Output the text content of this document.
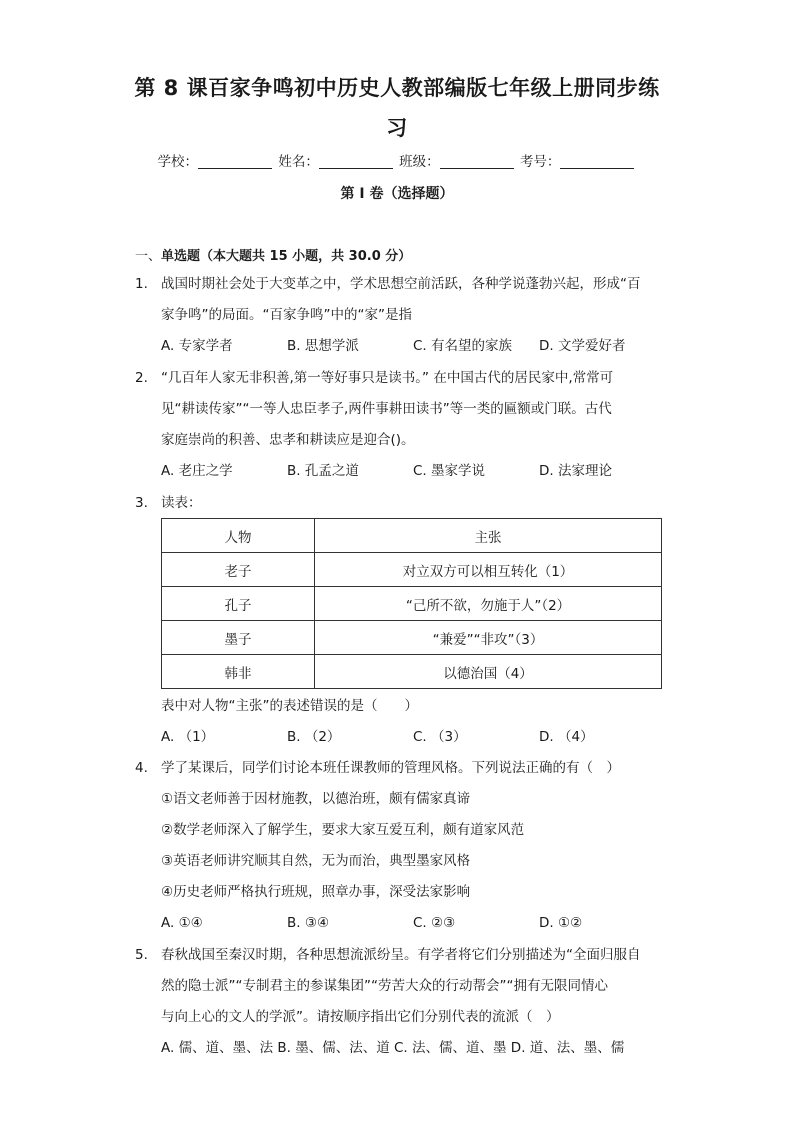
第 8 课百家争鸣初中历史人教部编版七年级上册同步练
习
学校：	姓名：	班级：	考号：
第 I 卷（选择题）
一、单选题（本大题共 15 小题，共 30.0 分）
1. 战国时期社会处于大变革之中，学术思想空前活跃，各种学说蓬勃兴起，形成“百
家争鸣”的局面。“百家争鸣”中的“家”是指
A. 专家学者	B. 思想学派	C. 有名望的家族	D. 文学爱好者
2. “几百年人家无非积善,第一等好事只是读书。” 在中国古代的居民家中,常常可
见“耕读传家”“一等人忠臣孝子,两件事耕田读书”等一类的匾额或门联。古代
家庭崇尚的积善、忠孝和耕读应是迎合()。
A. 老庄之学	B. 孔孟之道	C. 墨家学说	D. 法家理论
3. 读表：
人物	主张
老子	对立双方可以相互转化（1）
孔子	“己所不欲，勿施于人”（2）
墨子	“兼爱”“非攻”（3）
韩非	以德治国（4）
表中对人物“主张”的表述错误的是（　　）
A. （1）	B. （2）	C. （3）	D. （4）
4. 学了某课后，同学们讨论本班任课教师的管理风格。下列说法正确的有（　）
①语文老师善于因材施教，以德治班，颇有儒家真谛
②数学老师深入了解学生，要求大家互爱互利，颇有道家风范
③英语老师讲究顺其自然，无为而治，典型墨家风格
④历史老师严格执行班规，照章办事，深受法家影响
A. ①④	B. ③④	C. ②③	D. ①②
5. 春秋战国至秦汉时期，各种思想流派纷呈。有学者将它们分别描述为“全面归服自
然的隐士派”“专制君主的参谋集团”“劳苦大众的行动帮会”“拥有无限同情心
与向上心的文人的学派”。请按顺序指出它们分别代表的流派（　）
A. 儒、道、墨、法 B. 墨、儒、法、道 C. 法、儒、道、墨 D. 道、法、墨、儒
